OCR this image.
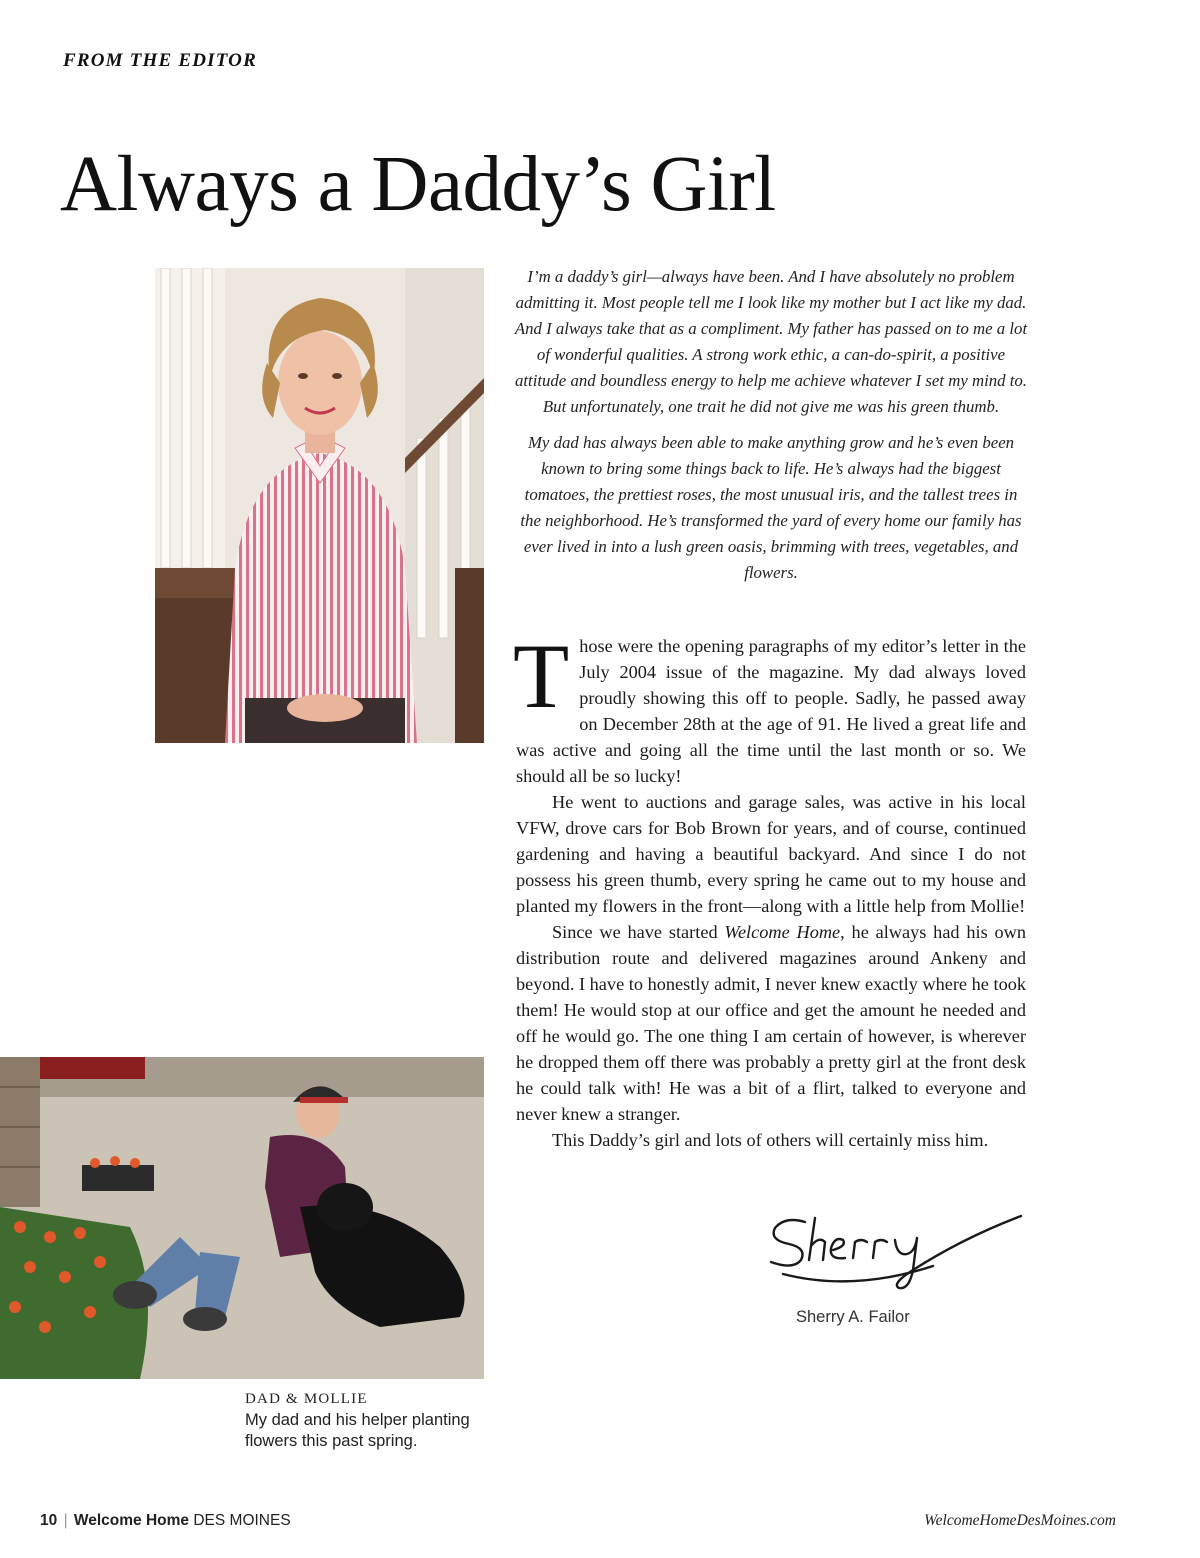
FROM THE EDITOR
Always a Daddy’s Girl

I’m a daddy’s girl—always have been. And I have absolutely no problem admitting it. Most people tell me I look like my mother but I act like my dad. And I always take that as a compliment. My father has passed on to me a lot of wonderful qualities. A strong work ethic, a can-do-spirit, a positive attitude and boundless energy to help me achieve whatever I set my mind to. But unfortunately, one trait he did not give me was his green thumb.

My dad has always been able to make anything grow and he’s even been known to bring some things back to life. He’s always had the biggest tomatoes, the prettiest roses, the most unusual iris, and the tallest trees in the neighborhood. He’s transformed the yard of every home our family has ever lived in into a lush green oasis, brimming with trees, vegetables, and flowers.

Those were the opening paragraphs of my editor’s letter in the July 2004 issue of the magazine. My dad always loved proudly showing this off to people. Sadly, he passed away on December 28th at the age of 91. He lived a great life and was active and going all the time until the last month or so. We should all be so lucky!

He went to auctions and garage sales, was active in his local VFW, drove cars for Bob Brown for years, and of course, continued gardening and having a beautiful backyard. And since I do not possess his green thumb, every spring he came out to my house and planted my flowers in the front—along with a little help from Mollie!

Since we have started Welcome Home, he always had his own distribution route and delivered magazines around Ankeny and beyond. I have to honestly admit, I never knew exactly where he took them! He would stop at our office and get the amount he needed and off he would go. The one thing I am certain of however, is wherever he dropped them off there was probably a pretty girl at the front desk he could talk with! He was a bit of a flirt, talked to everyone and never knew a stranger.

This Daddy’s girl and lots of others will certainly miss him.

Sherry A. Failor
DAD & MOLLIE
My dad and his helper planting flowers this past spring.
10 | Welcome Home DES MOINES	WelcomeHomeDesMoines.com
